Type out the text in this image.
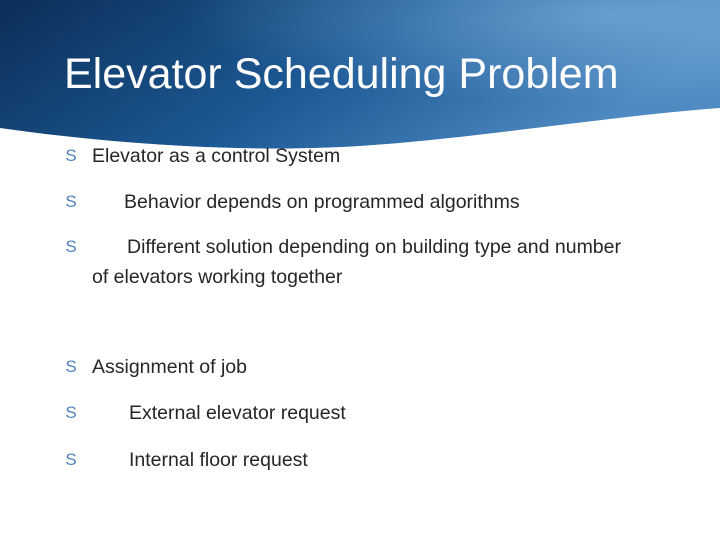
Elevator Scheduling Problem
S Elevator as a control System
S	Behavior depends on programmed algorithms
S	Different solution depending on building type and number of elevators working together
S Assignment of job
S	External elevator request
S	Internal floor request
